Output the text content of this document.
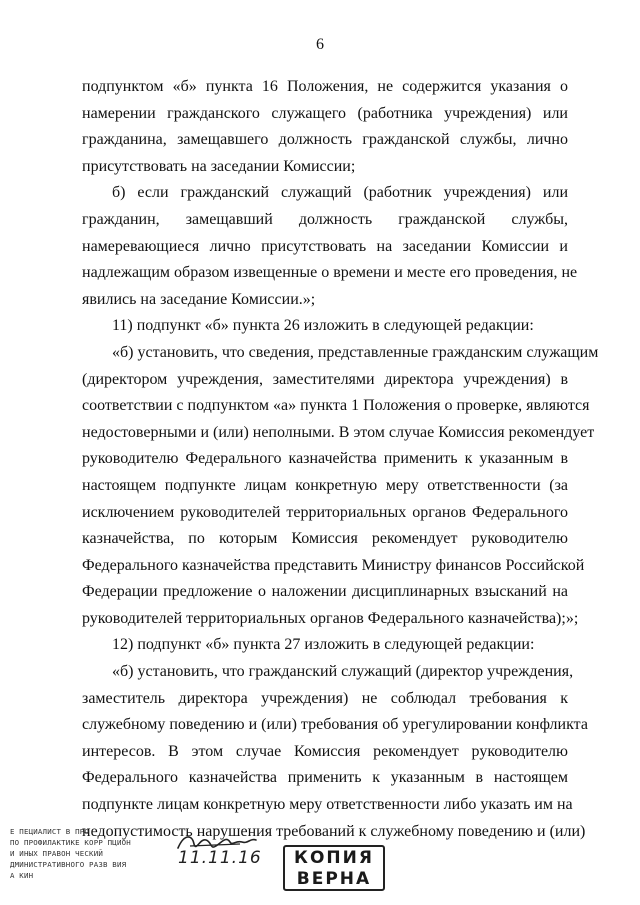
6
подпунктом «б» пункта 16 Положения, не содержится указания о
намерении гражданского служащего (работника учреждения) или
гражданина, замещавшего должность гражданской службы, лично
присутствовать на заседании Комиссии;
б) если гражданский служащий (работник учреждения) или
гражданин, замещавший должность гражданской службы,
намеревающиеся лично присутствовать на заседании Комиссии и
надлежащим образом извещенные о времени и месте его проведения, не
явились на заседание Комиссии.»;
11) подпункт «б» пункта 26 изложить в следующей редакции:
«б) установить, что сведения, представленные гражданским служащим
(директором учреждения, заместителями директора учреждения) в
соответствии с подпунктом «а» пункта 1 Положения о проверке, являются
недостоверными и (или) неполными. В этом случае Комиссия рекомендует
руководителю Федерального казначейства применить к указанным в
настоящем подпункте лицам конкретную меру ответственности (за
исключением руководителей территориальных органов Федерального
казначейства, по которым Комиссия рекомендует руководителю
Федерального казначейства представить Министру финансов Российской
Федерации предложение о наложении дисциплинарных взысканий на
руководителей территориальных органов Федерального казначейства);»;
12) подпункт «б» пункта 27 изложить в следующей редакции:
«б) установить, что гражданский служащий (директор учреждения,
заместитель директора учреждения) не соблюдал требования к
служебному поведению и (или) требования об урегулировании конфликта
интересов. В этом случае Комиссия рекомендует руководителю
Федерального казначейства применить к указанным в настоящем
подпункте лицам конкретную меру ответственности либо указать им на
недопустимость нарушения требований к служебному поведению и (или)
Е ПЕЦИАЛИСТ В ПРО
ПО ПРОФИЛАКТИКЕ КОРР ПЦИОН
И ИНЫХ ПРАВОН ЧЕСКИЙ
ДМИНИСТРАТИВНОГО РАЗВ ВИЯ
А КИН
11.11.16	КОПИЯ
ВЕРНА
